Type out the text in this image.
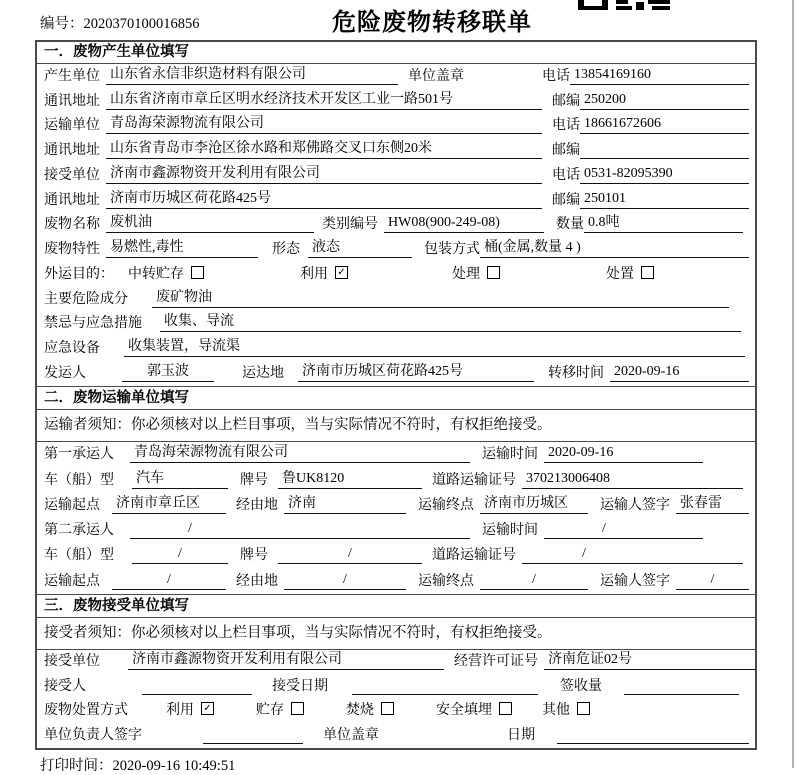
编号：2020370100016856	危险废物转移联单
一．废物产生单位填写
产生单位 山东省永信非织造材料有限公司	单位盖章	电话 13854169160
通讯地址 山东省济南市章丘区明水经济技术开发区工业一路501号	邮编 250200
运输单位 青岛海荣源物流有限公司	电话 18661672606
通讯地址 山东省青岛市李沧区徐水路和郑佛路交叉口东侧20米	邮编
接受单位 济南市鑫源物资开发利用有限公司	电话 0531-82095390
通讯地址 济南市历城区荷花路425号	邮编 250101
废物名称 废机油	类别编号 HW08(900-249-08)	数量 0.8吨
废物特性 易燃性,毒性	形态 液态	包装方式 桶(金属,数量 4 )
外运目的： 中转贮存	利用 ✓	处理	处置
主要危险成分	废矿物油
禁忌与应急措施	收集、导流
应急设备	收集装置，导流渠
发运人	郭玉波	运达地 济南市历城区荷花路425号	转移时间 2020-09-16
二．废物运输单位填写
运输者须知：你必须核对以上栏目事项，当与实际情况不符时，有权拒绝接受。
第一承运人	青岛海荣源物流有限公司	运输时间 2020-09-16
车（船）型	汽车	牌号 鲁UK8120	道路运输证号 370213006408
运输起点	济南市章丘区	经由地 济南	运输终点 济南市历城区	运输人签字 张春雷
第二承运人	/	运输时间	/
车（船）型	/	牌号	/	道路运输证号	/
运输起点	/	经由地	/	运输终点	/	运输人签字	/
三．废物接受单位填写
接受者须知：你必须核对以上栏目事项，当与实际情况不符时，有权拒绝接受。
接受单位	济南市鑫源物资开发利用有限公司	经营许可证号 济南危证02号
接受人	接受日期	签收量
废物处置方式	利用 ✓	贮存	焚烧	安全填埋	其他
单位负责人签字	单位盖章	日期
打印时间：2020-09-16 10:49:51
